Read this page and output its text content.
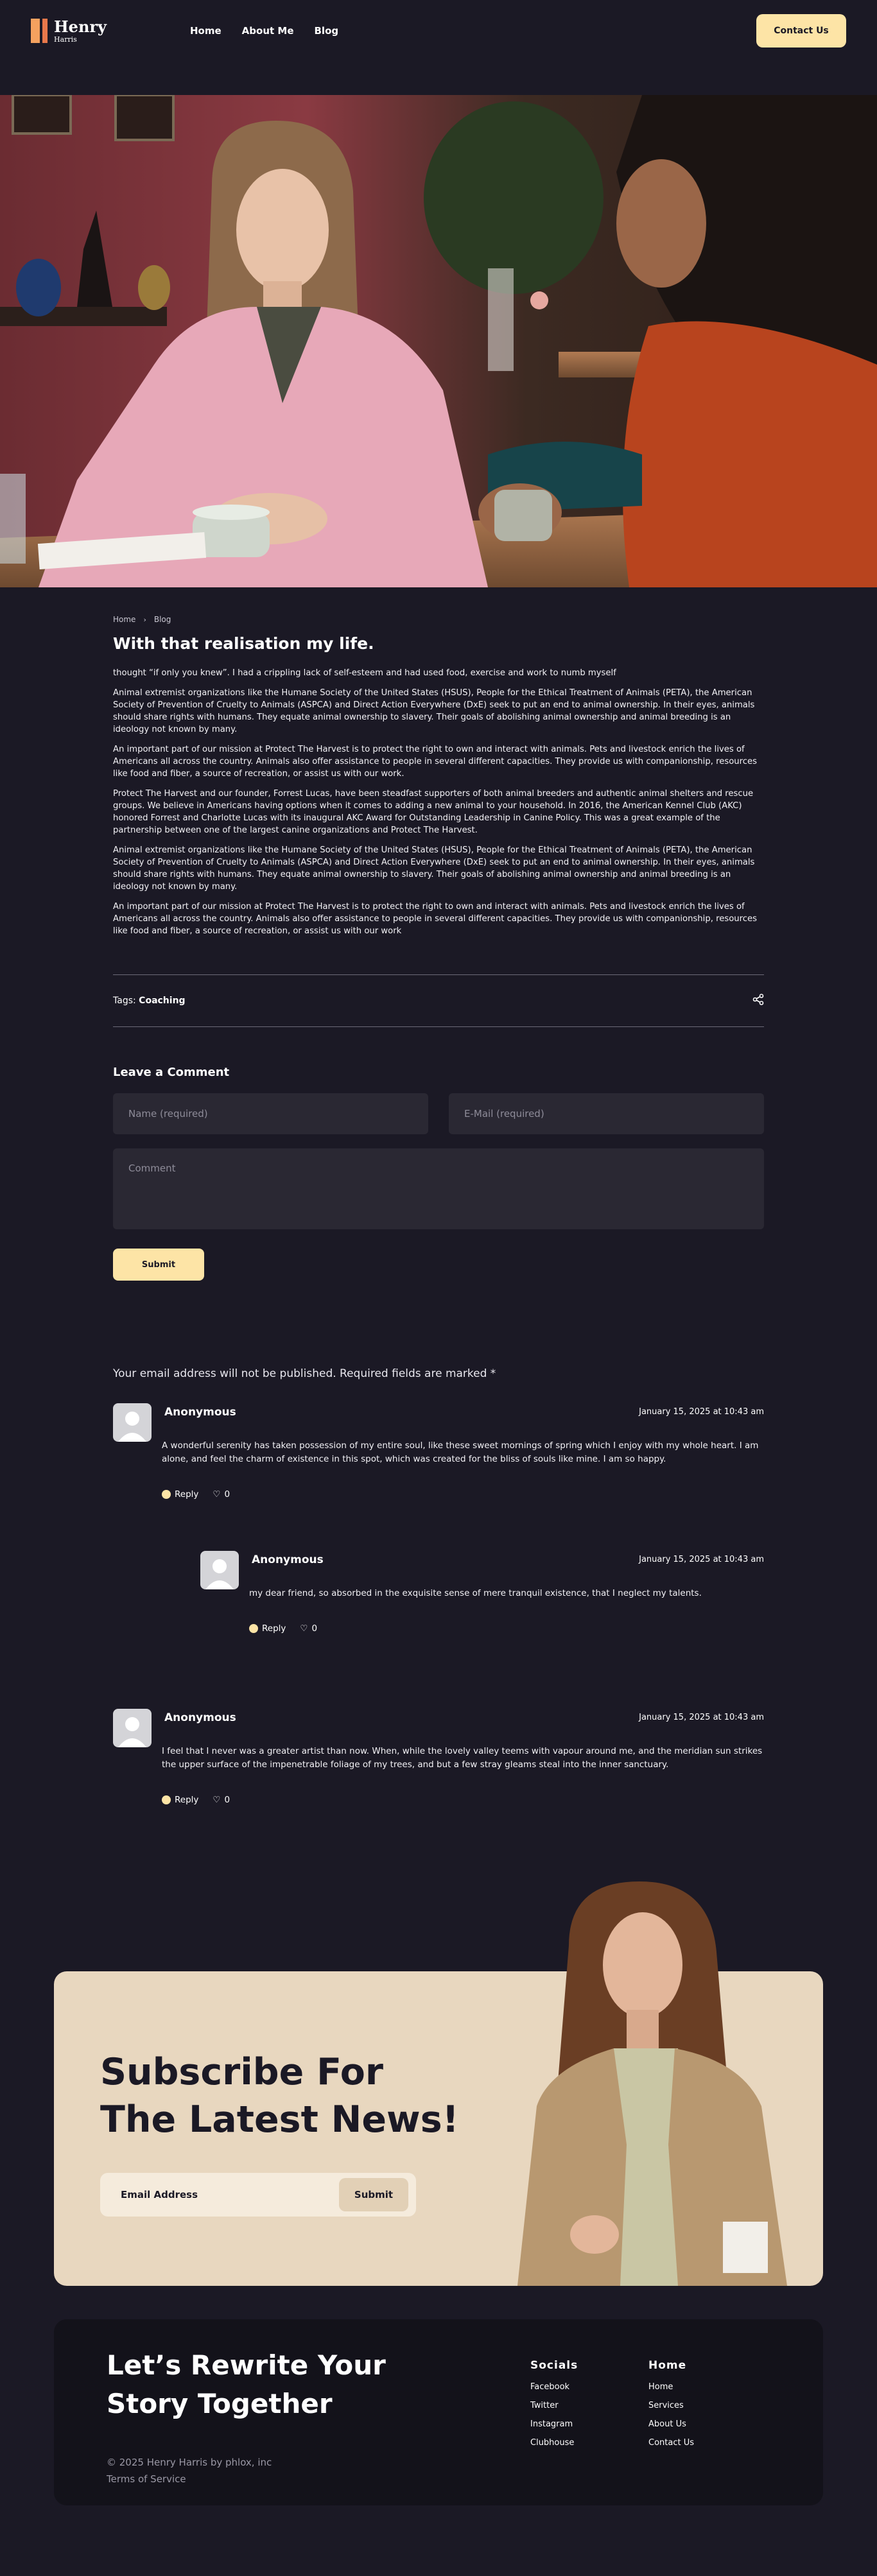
Henry
Harris
Contact Us
Home About Me Blog
Home › Blog
With that realisation my life.

thought “if only you knew”. I had a crippling lack of self-esteem and had used food, exercise and work to numb myself

Animal extremist organizations like the Humane Society of the United States (HSUS), People for the Ethical Treatment of Animals (PETA), the American Society of Prevention of Cruelty to Animals (ASPCA) and Direct Action Everywhere (DxE) seek to put an end to animal ownership. In their eyes, animals should share rights with humans. They equate animal ownership to slavery. Their goals of abolishing animal ownership and animal breeding is an ideology not known by many.

An important part of our mission at Protect The Harvest is to protect the right to own and interact with animals. Pets and livestock enrich the lives of Americans all across the country. Animals also offer assistance to people in several different capacities. They provide us with companionship, resources like food and fiber, a source of recreation, or assist us with our work.

Protect The Harvest and our founder, Forrest Lucas, have been steadfast supporters of both animal breeders and authentic animal shelters and rescue groups. We believe in Americans having options when it comes to adding a new animal to your household. In 2016, the American Kennel Club (AKC) honored Forrest and Charlotte Lucas with its inaugural AKC Award for Outstanding Leadership in Canine Policy. This was a great example of the partnership between one of the largest canine organizations and Protect The Harvest.

Animal extremist organizations like the Humane Society of the United States (HSUS), People for the Ethical Treatment of Animals (PETA), the American Society of Prevention of Cruelty to Animals (ASPCA) and Direct Action Everywhere (DxE) seek to put an end to animal ownership. In their eyes, animals should share rights with humans. They equate animal ownership to slavery. Their goals of abolishing animal ownership and animal breeding is an ideology not known by many.

An important part of our mission at Protect The Harvest is to protect the right to own and interact with animals. Pets and livestock enrich the lives of Americans all across the country. Animals also offer assistance to people in several different capacities. They provide us with companionship, resources like food and fiber, a source of recreation, or assist us with our work

Tags: Coaching
Leave a Comment
Name (required)
E-Mail (required)
Comment Submit
Your email address will not be published. Required fields are marked *
Anonymous	January 15, 2025 at 10:43 am
A wonderful serenity has taken possession of my entire soul, like these sweet mornings of spring which I enjoy with my whole heart. I am alone, and feel the charm of existence in this spot, which was created for the bliss of souls like mine. I am so happy.
Reply ♡ 0
Anonymous	January 15, 2025 at 10:43 am
my dear friend, so absorbed in the exquisite sense of mere tranquil existence, that I neglect my talents.
Reply ♡ 0
Anonymous	January 15, 2025 at 10:43 am
I feel that I never was a greater artist than now. When, while the lovely valley teems with vapour around me, and the meridian sun strikes the upper surface of the impenetrable foliage of my trees, and but a few stray gleams steal into the inner sanctuary.
Reply ♡ 0
Subscribe For
The Latest News!
Email Address	Submit
Let’s Rewrite Your
Story Together
© 2025 Henry Harris by phlox, inc
Terms of Service
Socials
Facebook
Twitter
Instagram
Clubhouse
Home
Home
Services
About Us
Contact Us
